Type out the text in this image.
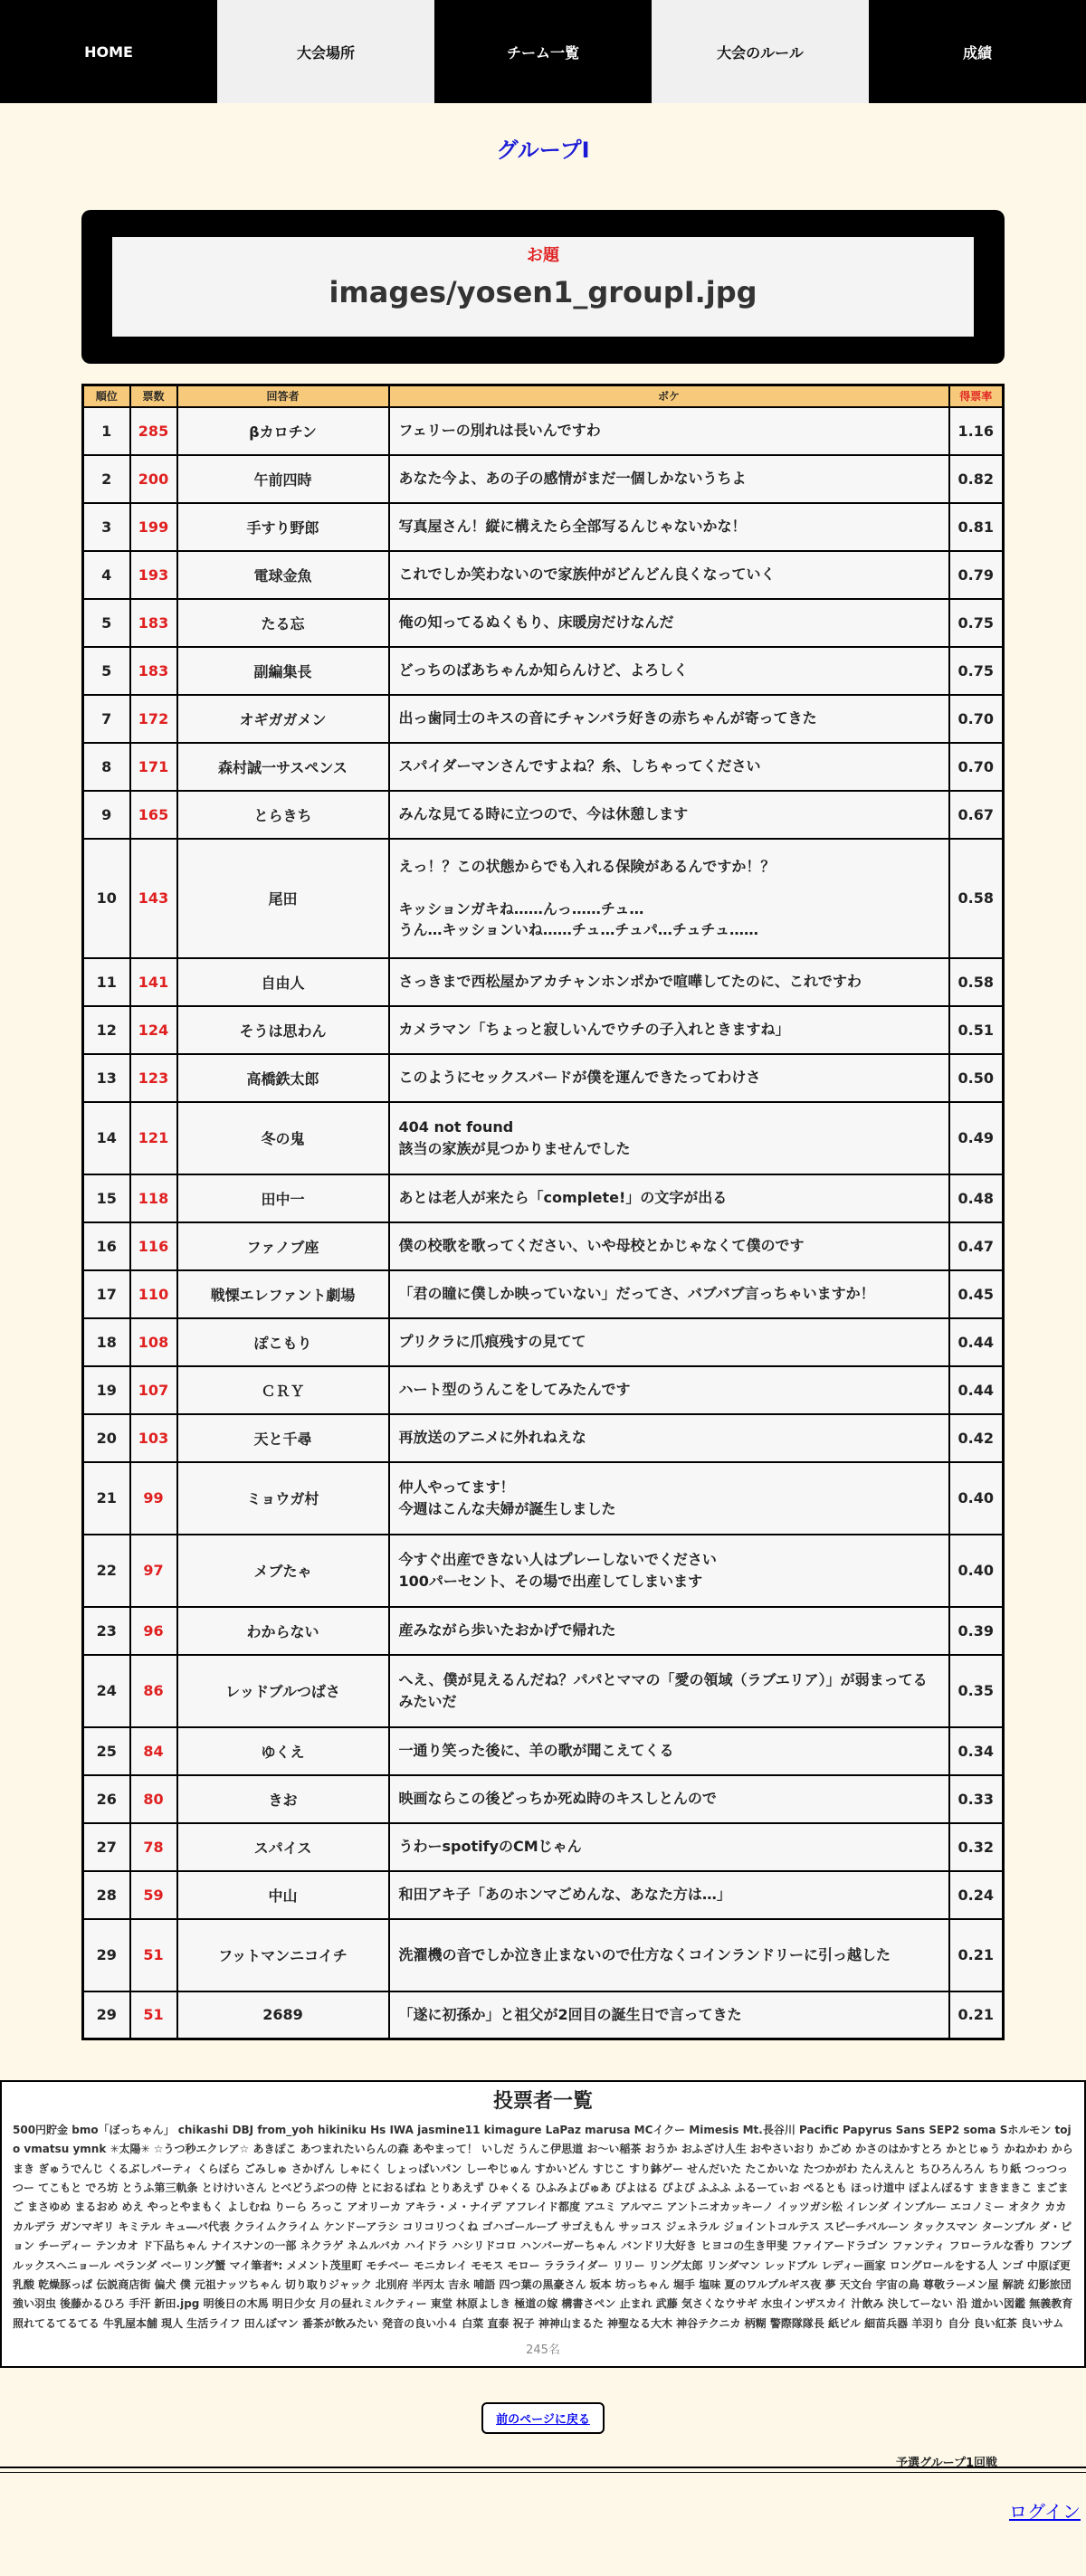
HOME	大会場所	チーム一覧	大会のルール	成績
グループI
お題
images/yosen1_groupI.jpg
順位	票数	回答者	ボケ	得票率
1	285	βカロチン	フェリーの別れは長いんですわ	1.16
2	200	午前四時	あなた今よ、あの子の感情がまだ一個しかないうちよ	0.82
3	199	手すり野郎	写真屋さん！縦に構えたら全部写るんじゃないかな！	0.81
4	193	電球金魚	これでしか笑わないので家族仲がどんどん良くなっていく	0.79
5	183	たる忘	俺の知ってるぬくもり、床暖房だけなんだ	0.75
5	183	副編集長	どっちのばあちゃんか知らんけど、よろしく	0.75
7	172	オギガガメン	出っ歯同士のキスの音にチャンバラ好きの赤ちゃんが寄ってきた	0.70
8	171	森村誠一サスペンス	スパイダーマンさんですよね？糸、しちゃってください	0.70
9	165	とらきち	みんな見てる時に立つので、今は休憩します	0.67
10	143	尾田	えっ！？この状態からでも入れる保険があるんですか！？

キッションガキね……んっ……チュ…
うん…キッションいね……チュ…チュパ…チュチュ……	0.58
11	141	自由人	さっきまで西松屋かアカチャンホンポかで喧嘩してたのに、これですわ	0.58
12	124	そうは思わん	カメラマン「ちょっと寂しいんでウチの子入れときますね」	0.51
13	123	高橋鉄太郎	このようにセックスバードが僕を運んできたってわけさ	0.50
14	121	冬の鬼	404 not found
該当の家族が見つかりませんでした	0.49
15	118	田中一	あとは老人が来たら「complete!」の文字が出る	0.48
16	116	ファノブ座	僕の校歌を歌ってください、いや母校とかじゃなくて僕のです	0.47
17	110	戦慄エレファント劇場	「君の瞳に僕しか映っていない」だってさ、バブバブ言っちゃいますか！	0.45
18	108	ぽこもり	プリクラに爪痕残すの見てて	0.44
19	107	ＣＲＹ	ハート型のうんこをしてみたんです	0.44
20	103	天と千尋	再放送のアニメに外れねえな	0.42
21	99	ミョウガ村	仲人やってます！
今週はこんな夫婦が誕生しました	0.40
22	97	メブたゃ	今すぐ出産できない人はプレーしないでください
100パーセント、その場で出産してしまいます	0.40
23	96	わからない	産みながら歩いたおかげで帰れた	0.39
24	86	レッドブルつばさ	へえ、僕が見えるんだね？パパとママの「愛の領域（ラブエリア）」が弱まってるみたいだ	0.35
25	84	ゆくえ	一通り笑った後に、羊の歌が聞こえてくる	0.34
26	80	きお	映画ならこの後どっちか死ぬ時のキスしとんので	0.33
27	78	スパイス	うわーspotifyのCMじゃん	0.32
28	59	中山	和田アキ子「あのホンマごめんな、あなた方は…」	0.24
29	51	フットマンニコイチ	洗濯機の音でしか泣き止まないので仕方なくコインランドリーに引っ越した	0.21
29	51	2689	「遂に初孫か」と祖父が2回目の誕生日で言ってきた	0.21
投票者一覧
500円貯金 bmo「ぼっちゃん」 chikashi DBJ from_yoh hikiniku Hs IWA jasmine11 kimagure LaPaz marusa MCイクー Mimesis Mt.長谷川 Pacific Papyrus Sans SEP2 soma Sホルモン tojo vmatsu ymnk ✳太陽✳ ☆うつ秒エクレア☆ あきぽこ あつまれたいらんの森 あやまって！ いしだ うんこ伊思道 お〜い稲茶 おうか おふざけ人生 おやさいおり かごめ かさのはかすとろ かとじゅう かねかわ からまき ぎゅうでんじ くるぶしパーティ くらぼら ごみしゅ さかげん しゃにく しょっぱいパン しーやじゅん すかいどん すじこ すり鉢ゲー せんだいた たこかいな たつかがわ たんえんと ちひろんろん ちり紙 つっつっつー てこもと でろ坊 とうふ第三軌条 とけけいさん とべどうぶつの侍 とにおるばね とりあえず ひゃくる ひふみよぴゅあ ぴよはる ぴよぴ ふふふ ふるーてぃお ぺるとも ほっけ道中 ぽよんぽるす まきまきこ まごまご まさゆめ まるおめ めえ やっとやまもく よしむね りーら ろっこ アオリーカ アキラ・メ・ナイデ アフレイド都度 アユミ アルマニ アントニオカッキーノ イッツガシ松 イレンダ インブルー エコノミー オタク カカ カルデラ ガンマギリ キミテル キュ―バ代表 クライムクライム ケンドーアラシ コリコリつくね ゴハゴールーブ サゴえもん サッコス ジェネラル ジョイントコルテス スピーチバルーン タックスマン ターンブル ダ・ピョン チーディー テンカオ ド下品ちゃん ナイスナンの一部 ネクラゲ ネムルバカ ハイドラ ハシリドコロ ハンバーガーちゃん バンドリ大好き ヒヨコの生き甲斐 ファイアードラゴン ファンティ フローラルな香り フンブルックスヘニョール ペランダ ベーリング蟹 マイ筆者*: メメント茂里町 モチベー モニカレイ モモス モロー ララライダー リリー リング太郎 リンダマン レッドブル レディー画家 ロングロールをする人 ンゴ 中原ぽ更 乳酸 乾燥豚っぱ 伝説商店街 偏犬 僕 元祖ナッツちゃん 切り取りジャック 北別府 半丙太 吉永 哺語 四つ葉の黒豪さん 坂本 坊っちゃん 堀手 塩味 夏のワルプルギス夜 夢 天文台 宇宙の鳥 尊敬ラーメン屋 解読 幻影旅団 強い羽虫 後藤かるひろ 手汗 新田.jpg 明後日の木馬 明日少女 月の昼れミルクティー 東堂 林原よしき 極道の嫁 構書さぺン 止まれ 武藤 気さくなウサギ 水虫インザスカイ 汁飲み 決してーない 沿 道かい図鑑 無義教育 照れてるてるてる 牛乳屋本舗 現人 生活ライフ 田んぼマン 番茶が飲みたい 発音の良い小４ 白菜 直泰 祝子 神神山まるた 神聖なる大木 神谷テクニカ 柄糊 警際隊隊長 紙ビル 細苗兵器 羊羽り 自分 良い紅茶 良いサム
245名
前のページに戻る
予選グループ1回戦
ログイン
